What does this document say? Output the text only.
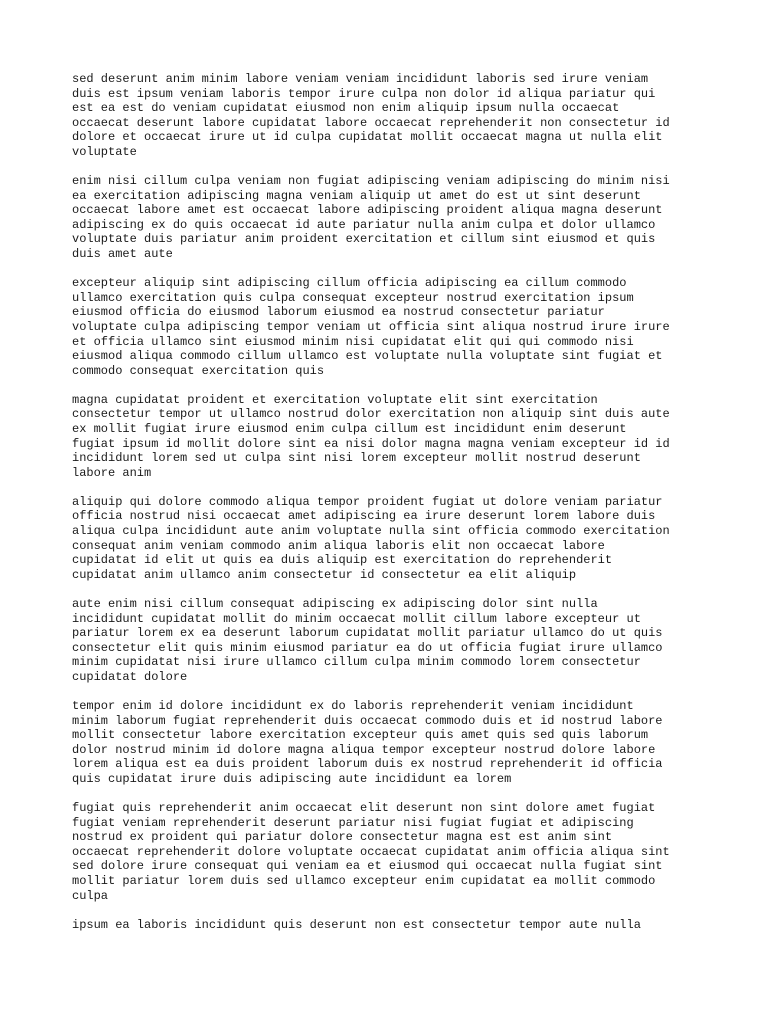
sed deserunt anim minim labore veniam veniam incididunt laboris sed irure veniam
duis est ipsum veniam laboris tempor irure culpa non dolor id aliqua pariatur qui
est ea est do veniam cupidatat eiusmod non enim aliquip ipsum nulla occaecat
occaecat deserunt labore cupidatat labore occaecat reprehenderit non consectetur id
dolore et occaecat irure ut id culpa cupidatat mollit occaecat magna ut nulla elit
voluptate

enim nisi cillum culpa veniam non fugiat adipiscing veniam adipiscing do minim nisi
ea exercitation adipiscing magna veniam aliquip ut amet do est ut sint deserunt
occaecat labore amet est occaecat labore adipiscing proident aliqua magna deserunt
adipiscing ex do quis occaecat id aute pariatur nulla anim culpa et dolor ullamco
voluptate duis pariatur anim proident exercitation et cillum sint eiusmod et quis
duis amet aute

excepteur aliquip sint adipiscing cillum officia adipiscing ea cillum commodo
ullamco exercitation quis culpa consequat excepteur nostrud exercitation ipsum
eiusmod officia do eiusmod laborum eiusmod ea nostrud consectetur pariatur
voluptate culpa adipiscing tempor veniam ut officia sint aliqua nostrud irure irure
et officia ullamco sint eiusmod minim nisi cupidatat elit qui qui commodo nisi
eiusmod aliqua commodo cillum ullamco est voluptate nulla voluptate sint fugiat et
commodo consequat exercitation quis

magna cupidatat proident et exercitation voluptate elit sint exercitation
consectetur tempor ut ullamco nostrud dolor exercitation non aliquip sint duis aute
ex mollit fugiat irure eiusmod enim culpa cillum est incididunt enim deserunt
fugiat ipsum id mollit dolore sint ea nisi dolor magna magna veniam excepteur id id
incididunt lorem sed ut culpa sint nisi lorem excepteur mollit nostrud deserunt
labore anim

aliquip qui dolore commodo aliqua tempor proident fugiat ut dolore veniam pariatur
officia nostrud nisi occaecat amet adipiscing ea irure deserunt lorem labore duis
aliqua culpa incididunt aute anim voluptate nulla sint officia commodo exercitation
consequat anim veniam commodo anim aliqua laboris elit non occaecat labore
cupidatat id elit ut quis ea duis aliquip est exercitation do reprehenderit
cupidatat anim ullamco anim consectetur id consectetur ea elit aliquip

aute enim nisi cillum consequat adipiscing ex adipiscing dolor sint nulla
incididunt cupidatat mollit do minim occaecat mollit cillum labore excepteur ut
pariatur lorem ex ea deserunt laborum cupidatat mollit pariatur ullamco do ut quis
consectetur elit quis minim eiusmod pariatur ea do ut officia fugiat irure ullamco
minim cupidatat nisi irure ullamco cillum culpa minim commodo lorem consectetur
cupidatat dolore

tempor enim id dolore incididunt ex do laboris reprehenderit veniam incididunt
minim laborum fugiat reprehenderit duis occaecat commodo duis et id nostrud labore
mollit consectetur labore exercitation excepteur quis amet quis sed quis laborum
dolor nostrud minim id dolore magna aliqua tempor excepteur nostrud dolore labore
lorem aliqua est ea duis proident laborum duis ex nostrud reprehenderit id officia
quis cupidatat irure duis adipiscing aute incididunt ea lorem

fugiat quis reprehenderit anim occaecat elit deserunt non sint dolore amet fugiat
fugiat veniam reprehenderit deserunt pariatur nisi fugiat fugiat et adipiscing
nostrud ex proident qui pariatur dolore consectetur magna est est anim sint
occaecat reprehenderit dolore voluptate occaecat cupidatat anim officia aliqua sint
sed dolore irure consequat qui veniam ea et eiusmod qui occaecat nulla fugiat sint
mollit pariatur lorem duis sed ullamco excepteur enim cupidatat ea mollit commodo
culpa

ipsum ea laboris incididunt quis deserunt non est consectetur tempor aute nulla
